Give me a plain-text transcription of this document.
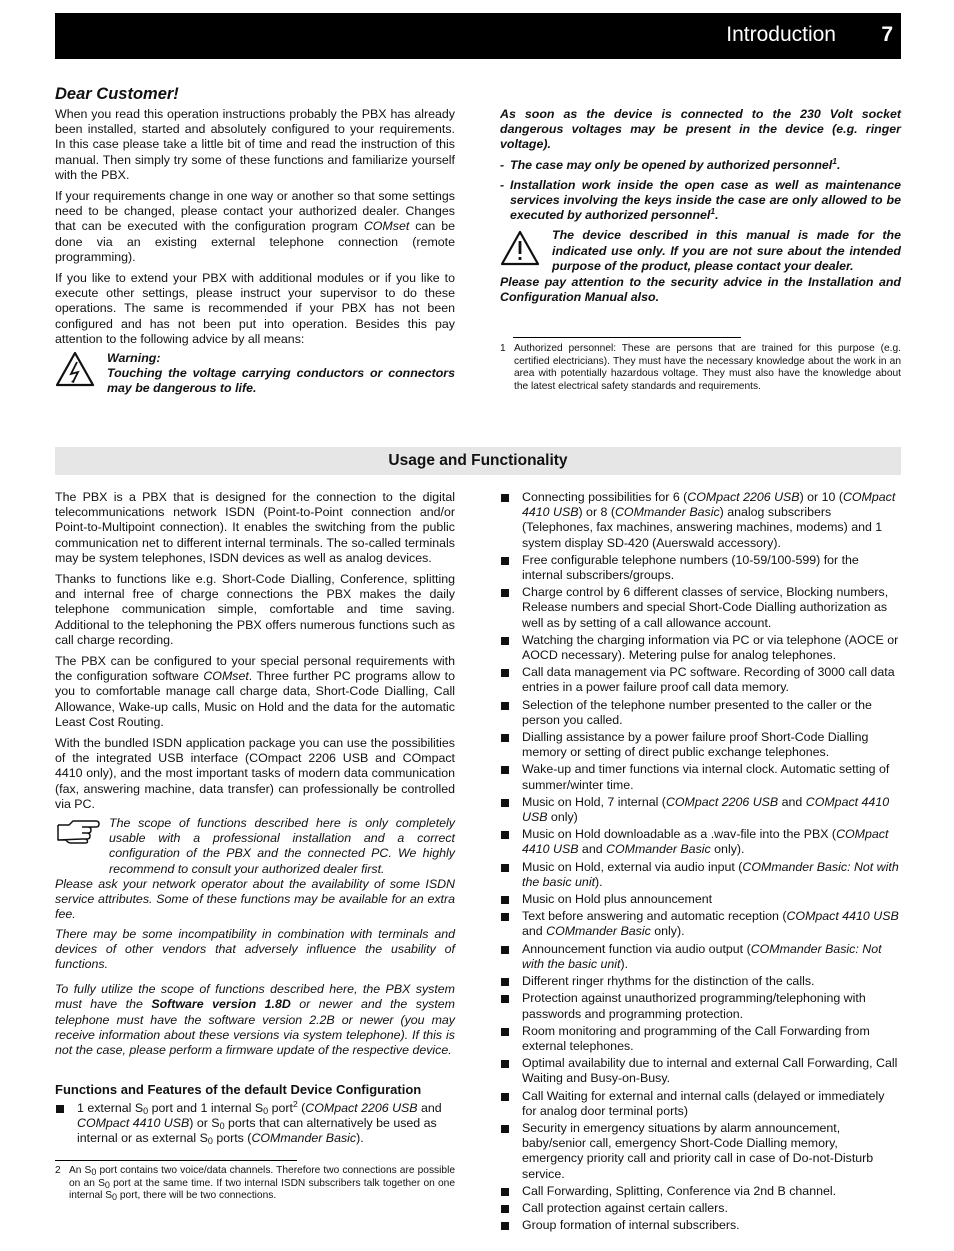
Introduction 7
Dear Customer!

When you read this operation instructions probably the PBX has already been installed, started and absolutely configured to your requirements. In this case please take a little bit of time and read the instruction of this manual. Then simply try some of these functions and familiarize yourself with the PBX.

If your requirements change in one way or another so that some settings need to be changed, please contact your authorized dealer. Changes that can be executed with the configuration program COMset can be done via an existing external telephone connection (remote programming).

If you like to extend your PBX with additional modules or if you like to execute other settings, please instruct your supervisor to do these operations. The same is recommended if your PBX has not been configured and has not been put into operation. Besides this pay attention to the following advice by all means:

Warning:
Touching the voltage carrying conductors or connectors may be dangerous to life.

As soon as the device is connected to the 230 Volt socket dangerous voltages may be present in the device (e.g. ringer voltage).

- The case may only be opened by authorized personnel$^1$.
- Installation work inside the open case as well as maintenance services involving the keys inside the case are only allowed to be executed by authorized personnel$^1$.
The device described in this manual is made for the indicated use only. If you are not sure about the intended purpose of the product, please contact your dealer.

Please pay attention to the security advice in the Installation and Configuration Manual also.

1 Authorized personnel: These are persons that are trained for this purpose (e.g. certified electricians). They must have the necessary knowledge about the work in an area with potentially hazardous voltage. They must also have the knowledge about the latest electrical safety standards and requirements.
Usage and Functionality

The PBX is a PBX that is designed for the connection to the digital telecommunications network ISDN (Point-to-Point connection and/or Point-to-Multipoint connection). It enables the switching from the public communication net to different internal terminals. The so-called terminals may be system telephones, ISDN devices as well as analog devices.

Thanks to functions like e.g. Short-Code Dialling, Conference, splitting and internal free of charge connections the PBX makes the daily telephone communication simple, comfortable and time saving. Additional to the telephoning the PBX offers numerous functions such as call charge recording.

The PBX can be configured to your special personal requirements with the configuration software COMset. Three further PC programs allow to you to comfortable manage call charge data, Short-Code Dialling, Call Allowance, Wake-up calls, Music on Hold and the data for the automatic Least Cost Routing.

With the bundled ISDN application package you can use the possibilities of the integrated USB interface (COmpact 2206 USB and COmpact 4410 only), and the most important tasks of modern data communication (fax, answering machine, data transfer) can professionally be controlled via PC.

The scope of functions described here is only completely usable with a professional installation and a correct configuration of the PBX and the connected PC. We highly recommend to consult your authorized dealer first.

Please ask your network operator about the availability of some ISDN service attributes. Some of these functions may be available for an extra fee.

There may be some incompatibility in combination with terminals and devices of other vendors that adversely influence the usability of functions.

To fully utilize the scope of functions described here, the PBX system must have the Software version 1.8D or newer and the system telephone must have the software version 2.2B or newer (you may receive information about these versions via system telephone). If this is not the case, please perform a firmware update of the respective device.

Functions and Features of the default Device Configuration
1 external $S_0$ port and 1 internal $S_0$ port$^2$ (COMpact 2206 USB and COMpact 4410 USB) or $S_0$ ports that can alternatively be used as internal or as external $S_0$ ports (COMmander Basic).
2 An $S_0$ port contains two voice/data channels. Therefore two connections are possible on an $S_0$ port at the same time. If two internal ISDN subscribers talk together on one internal $S_0$ port, there will be two connections.
Connecting possibilities for 6 (COMpact 2206 USB) or 10 (COMpact 4410 USB) or 8 (COMmander Basic) analog subscribers (Telephones, fax machines, answering machines, modems) and 1 system display SD-420 (Auerswald accessory).
Free configurable telephone numbers (10-59/100-599) for the internal subscribers/groups.
Charge control by 6 different classes of service, Blocking numbers, Release numbers and special Short-Code Dialling authorization as well as by setting of a call allowance account.
Watching the charging information via PC or via telephone (AOCE or AOCD necessary). Metering pulse for analog telephones.
Call data management via PC software. Recording of 3000 call data entries in a power failure proof call data memory.
Selection of the telephone number presented to the caller or the person you called.
Dialling assistance by a power failure proof Short-Code Dialling memory or setting of direct public exchange telephones.
Wake-up and timer functions via internal clock. Automatic setting of summer/winter time.
Music on Hold, 7 internal (COMpact 2206 USB and COMpact 4410 USB only)
Music on Hold downloadable as a .wav-file into the PBX (COMpact 4410 USB and COMmander Basic only).
Music on Hold, external via audio input (COMmander Basic: Not with the basic unit).
Music on Hold plus announcement
Text before answering and automatic reception (COMpact 4410 USB and COMmander Basic only).
Announcement function via audio output (COMmander Basic: Not with the basic unit).
Different ringer rhythms for the distinction of the calls.
Protection against unauthorized programming/telephoning with passwords and programming protection.
Room monitoring and programming of the Call Forwarding from external telephones.
Optimal availability due to internal and external Call Forwarding, Call Waiting and Busy-on-Busy.
Call Waiting for external and internal calls (delayed or immediately for analog door terminal ports)
Security in emergency situations by alarm announcement, baby/senior call, emergency Short-Code Dialling memory, emergency priority call and priority call in case of Do-not-Disturb service.
Call Forwarding, Splitting, Conference via 2nd B channel.
Call protection against certain callers.
Group formation of internal subscribers.
